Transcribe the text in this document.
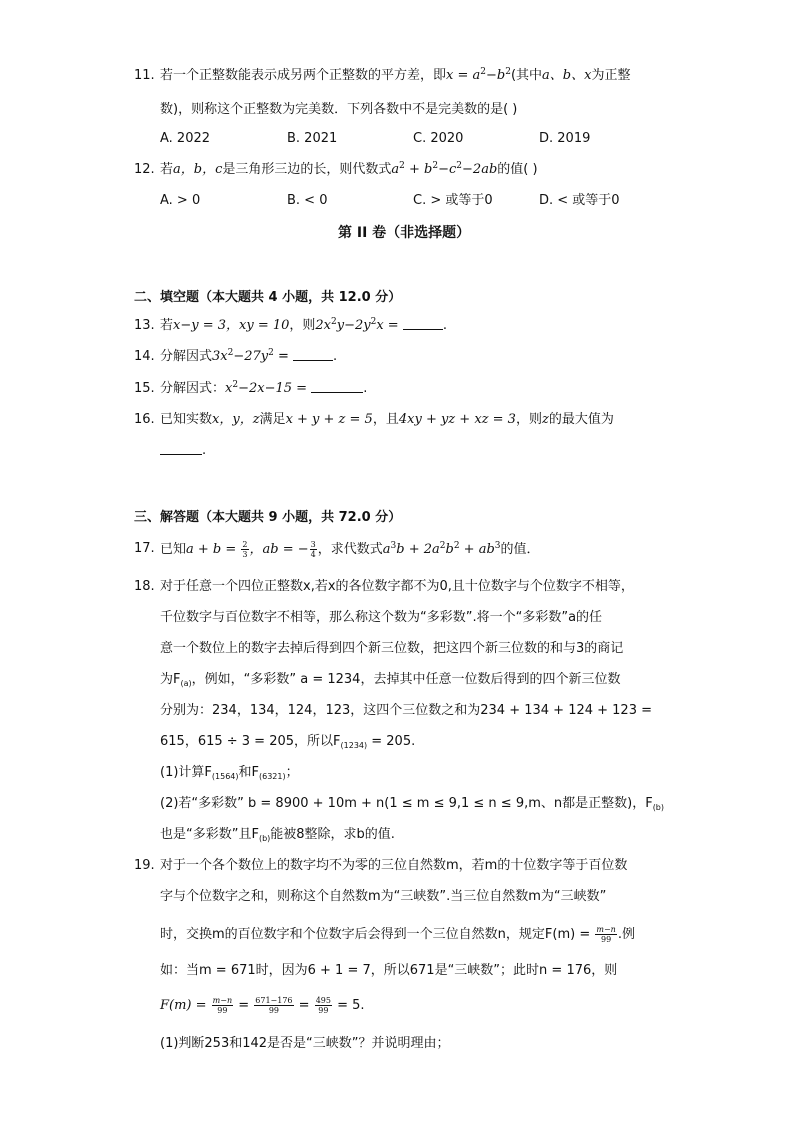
11. 若一个正整数能表示成另两个正整数的平方差，即$x = a^2-b^2$(其中a、b、x为正整
数)，则称这个正整数为完美数．下列各数中不是完美数的是( )
A. 2022	B. 2021	C. 2020	D. 2019
12. 若a，b，c是三角形三边的长，则代数式$a^2 + b^2-c^2-2ab$的值( )
A. > 0	B. < 0	C. > 或等于0	D. < 或等于0
第 II 卷（非选择题）
二、填空题（本大题共 4 小题，共 12.0 分）
13. 若x−y = 3，xy = 10，则$2x^2y-2y^2x$ =	.
14. 分解因式$3x^2-27y^2$ =	.
15. 分解因式：$x^2-2x-15$ =	.
16. 已知实数x，y，z满足x + y + z = 5，且4xy + yz + xz = 3，则z的最大值为
.
三、解答题（本大题共 9 小题，共 72.0 分）
17. 已知$a + b = \frac{2}{3}$ ，ab = − $\frac{3}{4}$ ，求代数式$a^3b + 2a^2b^2 + ab^3$的值．
18. 对于任意一个四位正整数x,若x的各位数字都不为0,且十位数字与个位数字不相等，
千位数字与百位数字不相等，那么称这个数为“多彩数”.将一个“多彩数”a的任
意一个数位上的数字去掉后得到四个新三位数，把这四个新三位数的和与3的商记
为$F_{(a)}$，例如，“多彩数” a = 1234，去掉其中任意一位数后得到的四个新三位数
分别为：234，134，124，123，这四个三位数之和为234 + 134 + 124 + 123 =
615，615 ÷ 3 = 205，所以$F_{(1234)} = 205$.
(1)计算$F_{(1564)}$和$F_{(6321)}$；
(2)若“多彩数” b = 8900 + 10m + n(1 ≤ m ≤ 9,1 ≤ n ≤ 9,m、n都是正整数)，$F_{(b)}$
也是“多彩数”且$F_{(b)}$能被8整除，求b的值.
19. 对于一个各个数位上的数字均不为零的三位自然数m，若m的十位数字等于百位数
字与个位数字之和，则称这个自然数m为“三峡数”.当三位自然数m为“三峡数”
时，交换m的百位数字和个位数字后会得到一个三位自然数n，规定$F(m) = \frac{m-n}{99}$ .例
如：当m = 671时，因为6 + 1 = 7，所以671是“三峡数”；此时n = 176，则
$F(m) = \frac{m-n}{99} = \frac{671-176}{99} = \frac{495}{99} = 5$.
(1)判断253和142是否是“三峡数”？并说明理由；
